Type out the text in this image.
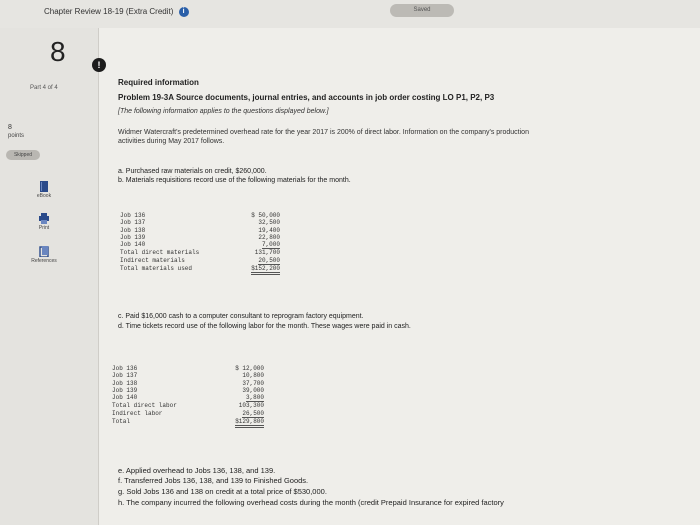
Chapter Review 18-19 (Extra Credit) i	Saved
8
Part 4 of 4
8
points
Skipped
eBook
Print
References
!
Required information
Problem 19-3A Source documents, journal entries, and accounts in job order costing LO P1, P2, P3
[The following information applies to the questions displayed below.]
Widmer Watercraft's predetermined overhead rate for the year 2017 is 200% of direct labor. Information on the company's production activities during May 2017 follows.
a. Purchased raw materials on credit, $260,000.
b. Materials requisitions record use of the following materials for the month.
Job 136	$ 50,000
Job 137	32,500
Job 138	19,400
Job 139	22,800
Job 140	7,000
Total direct materials	131,700
Indirect materials	20,500
Total materials used	$152,200
c. Paid $16,000 cash to a computer consultant to reprogram factory equipment.
d. Time tickets record use of the following labor for the month. These wages were paid in cash.
Job 136	$ 12,000
Job 137	10,800
Job 138	37,700
Job 139	39,000
Job 140	3,800
Total direct labor	103,300
Indirect labor	26,500
Total	$129,800
e. Applied overhead to Jobs 136, 138, and 139.
f. Transferred Jobs 136, 138, and 139 to Finished Goods.
g. Sold Jobs 136 and 138 on credit at a total price of $530,000.
h. The company incurred the following overhead costs during the month (credit Prepaid Insurance for expired factory
